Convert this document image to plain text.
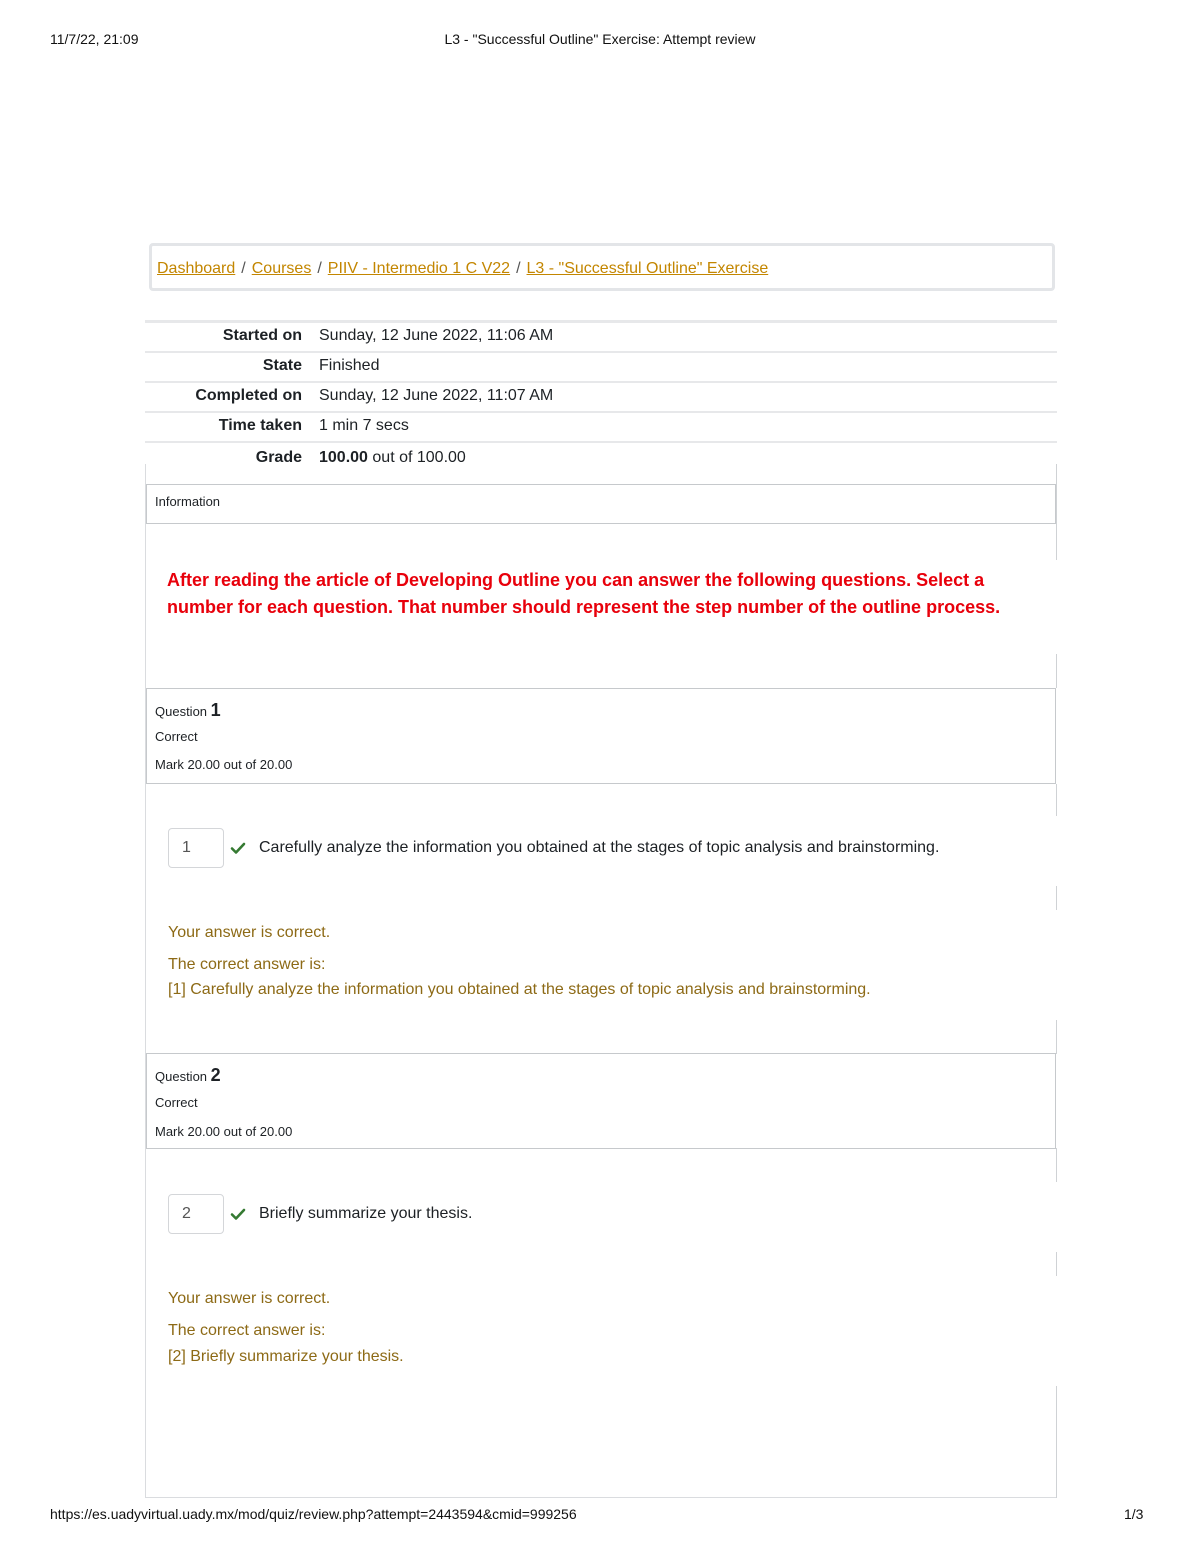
11/7/22, 21:09	L3 - "Successful Outline" Exercise: Attempt review
Dashboard / Courses / PIIV - Intermedio 1 C V22 / L3 - "Successful Outline" Exercise
Started on Sunday, 12 June 2022, 11:06 AM
State Finished
Completed on Sunday, 12 June 2022, 11:07 AM
Time taken 1 min 7 secs
Grade 100.00 out of 100.00
Information
After reading the article of Developing Outline you can answer the following questions. Select a number for each question. That number should represent the step number of the outline process.
Question 1
Correct
Mark 20.00 out of 20.00
1	Carefully analyze the information you obtained at the stages of topic analysis and brainstorming.
Your answer is correct.
The correct answer is:
[1] Carefully analyze the information you obtained at the stages of topic analysis and brainstorming.
Question 2
Correct
Mark 20.00 out of 20.00
2	Briefly summarize your thesis.
Your answer is correct.
The correct answer is:
[2] Briefly summarize your thesis.
https://es.uadyvirtual.uady.mx/mod/quiz/review.php?attempt=2443594&cmid=999256	1/3
